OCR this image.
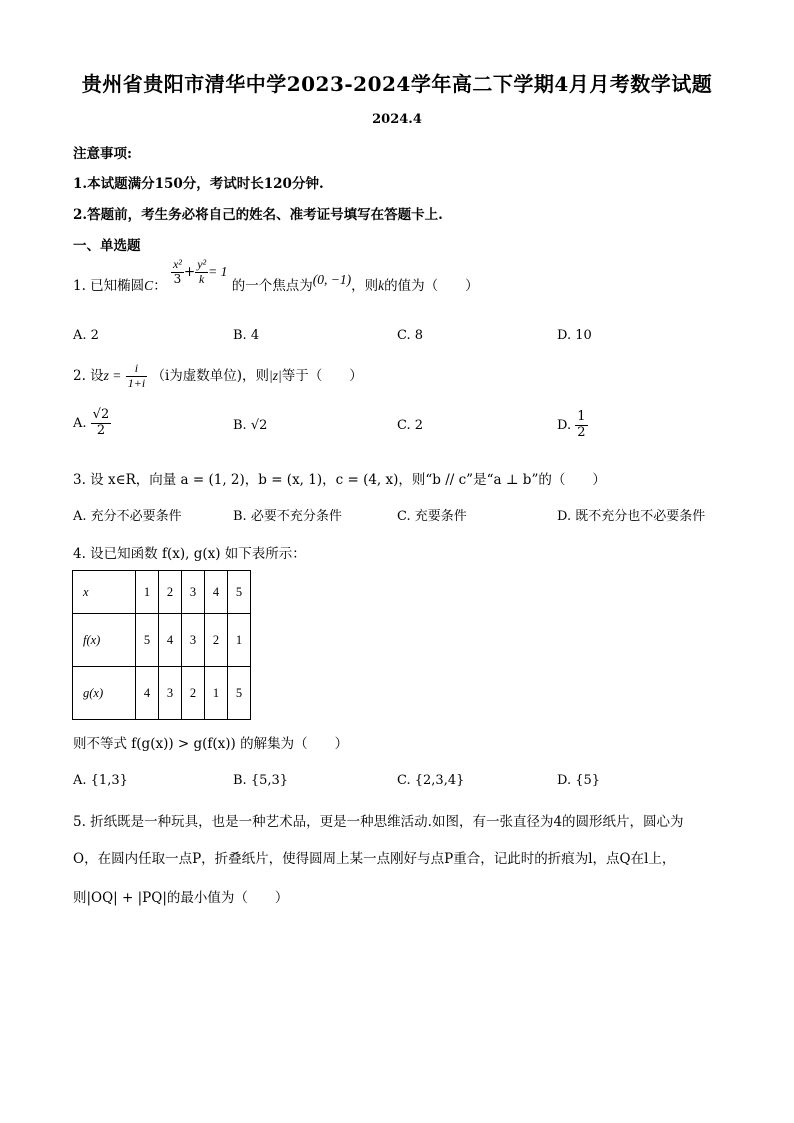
贵州省贵阳市清华中学2023-2024学年高二下学期4月月考数学试题
2024.4
注意事项:
1.本试题满分150分，考试时长120分钟.
2.答题前，考生务必将自己的姓名、准考证号填写在答题卡上.
一、单选题
1. 已知椭圆C： $\frac{\text{x²}}{3} + \frac{\text{y²}}{k} = 1$ 的一个焦点为(0, −1)，则k的值为（　　）
A. 2	B. 4	C. 8	D. 10
2. 设$z = \frac{i}{1+i} (i$为虚数单位)，则|z|等于（　　）
A. $\frac{√2}{2}$	B. √2	C. 2	D. $\frac{1}{2}$
3. 设 x∈R，向量 a = (1, 2)，b = (x, 1)，c = (4, x)，则“b // c”是“a ⊥ b”的（　　）
A. 充分不必要条件	B. 必要不充分条件	C. 充要条件	D. 既不充分也不必要条件
4. 设已知函数 f(x), g(x) 如下表所示：
x	1	2	3	4	5
f(x)	5	4	3	2	1
g(x)	4	3	2	1	5
则不等式 f(g(x)) > g(f(x)) 的解集为（　　）
A. {1,3}	B. {5,3}	C. {2,3,4}	D. {5}
5. 折纸既是一种玩具，也是一种艺术品，更是一种思维活动.如图，有一张直径为4的圆形纸片，圆心为
O，在圆内任取一点P，折叠纸片，使得圆周上某一点刚好与点P重合，记此时的折痕为l，点Q在l上，
则|OQ| + |PQ|的最小值为（　　）
